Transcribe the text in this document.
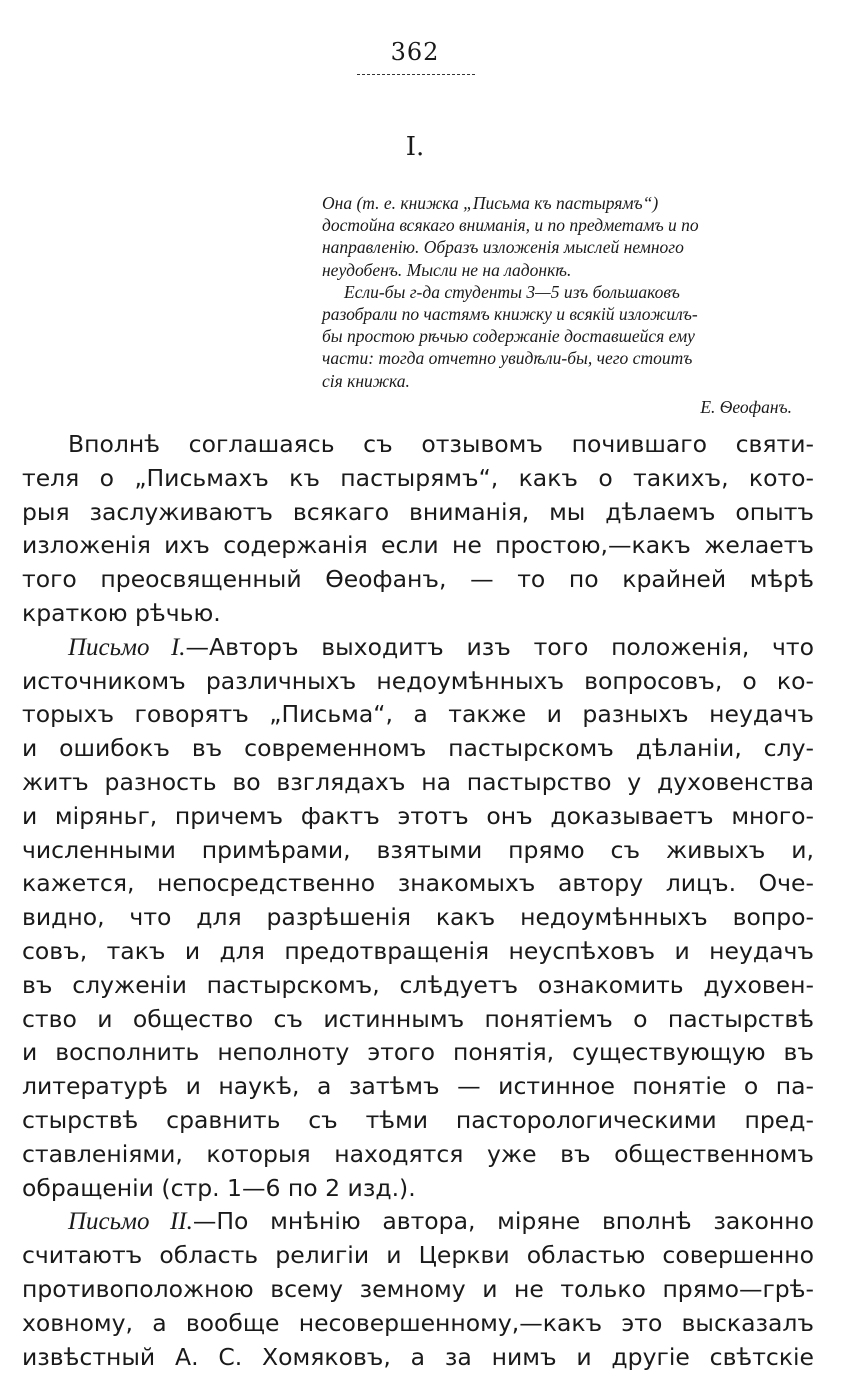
362
I.
Она (т. е. книжка „Письма къ пастырямъ“)
достойна всякаго вниманія, и по предметамъ и по
направленію. Образъ изложенія мыслей немного
неудобенъ. Мысли не на ладонкѣ.
Если-бы г-да студенты 3—5 изъ большаковъ
разобрали по частямъ книжку и всякій изложилъ-
бы простою рѣчью содержаніе доставшейся ему
части: тогда отчетно увидѣли-бы, чего стоитъ
сія книжка.
Е. Ѳеофанъ.
Вполнѣ соглашаясь съ отзывомъ почившаго святи-
теля о „Письмахъ къ пастырямъ“, какъ о такихъ, кото-
рыя заслуживаютъ всякаго вниманія, мы дѣлаемъ опытъ
изложенія ихъ содержанія если не простою,—какъ желаетъ
того преосвященный Ѳеофанъ, — то по крайней мѣрѣ
краткою рѣчью.
Письмо I.—Авторъ выходитъ изъ того положенія, что
источникомъ различныхъ недоумѣнныхъ вопросовъ, о ко-
торыхъ говорятъ „Письма“, а также и разныхъ неудачъ
и ошибокъ въ современномъ пастырскомъ дѣланіи, слу-
житъ разность во взглядахъ на пастырство у духовенства
и міряньг, причемъ фактъ этотъ онъ доказываетъ много-
численными примѣрами, взятыми прямо съ живыхъ и,
кажется, непосредственно знакомыхъ автору лицъ. Оче-
видно, что для разрѣшенія какъ недоумѣнныхъ вопро-
совъ, такъ и для предотвращенія неуспѣховъ и неудачъ
въ служеніи пастырскомъ, слѣдуетъ ознакомить духовен-
ство и общество съ истиннымъ понятіемъ о пастырствѣ
и восполнить неполноту этого понятія, существующую въ
литературѣ и наукѣ, а затѣмъ — истинное понятіе о па-
стырствѣ сравнить съ тѣми пасторологическими пред-
ставленіями, которыя находятся уже въ общественномъ
обращеніи (стр. 1—6 по 2 изд.).
Письмо II.—По мнѣнію автора, міряне вполнѣ законно
считаютъ область религіи и Церкви областью совершенно
противоположною всему земному и не только прямо—грѣ-
ховному, а вообще несовершенному,—какъ это высказалъ
извѣстный А. С. Хомяковъ, а за нимъ и другіе свѣтскіе
